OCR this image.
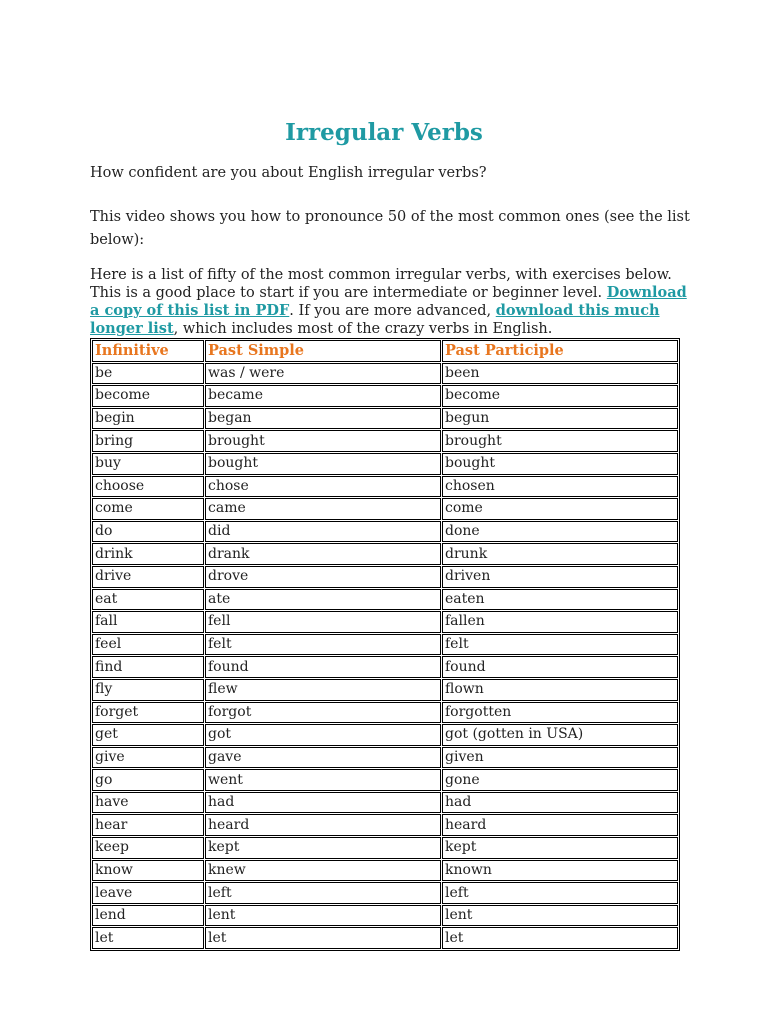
Irregular Verbs

How confident are you about English irregular verbs?

This video shows you how to pronounce 50 of the most common ones (see the list below):

Here is a list of fifty of the most common irregular verbs, with exercises below. This is a good place to start if you are intermediate or beginner level. Download a copy of this list in PDF. If you are more advanced, download this much longer list, which includes most of the crazy verbs in English.

Infinitive	Past Simple	Past Participle
be	was / were	been
become	became	become
begin	began	begun
bring	brought	brought
buy	bought	bought
choose	chose	chosen
come	came	come
do	did	done
drink	drank	drunk
drive	drove	driven
eat	ate	eaten
fall	fell	fallen
feel	felt	felt
find	found	found
fly	flew	flown
forget	forgot	forgotten
get	got	got (gotten in USA)
give	gave	given
go	went	gone
have	had	had
hear	heard	heard
keep	kept	kept
know	knew	known
leave	left	left
lend	lent	lent
let	let	let
